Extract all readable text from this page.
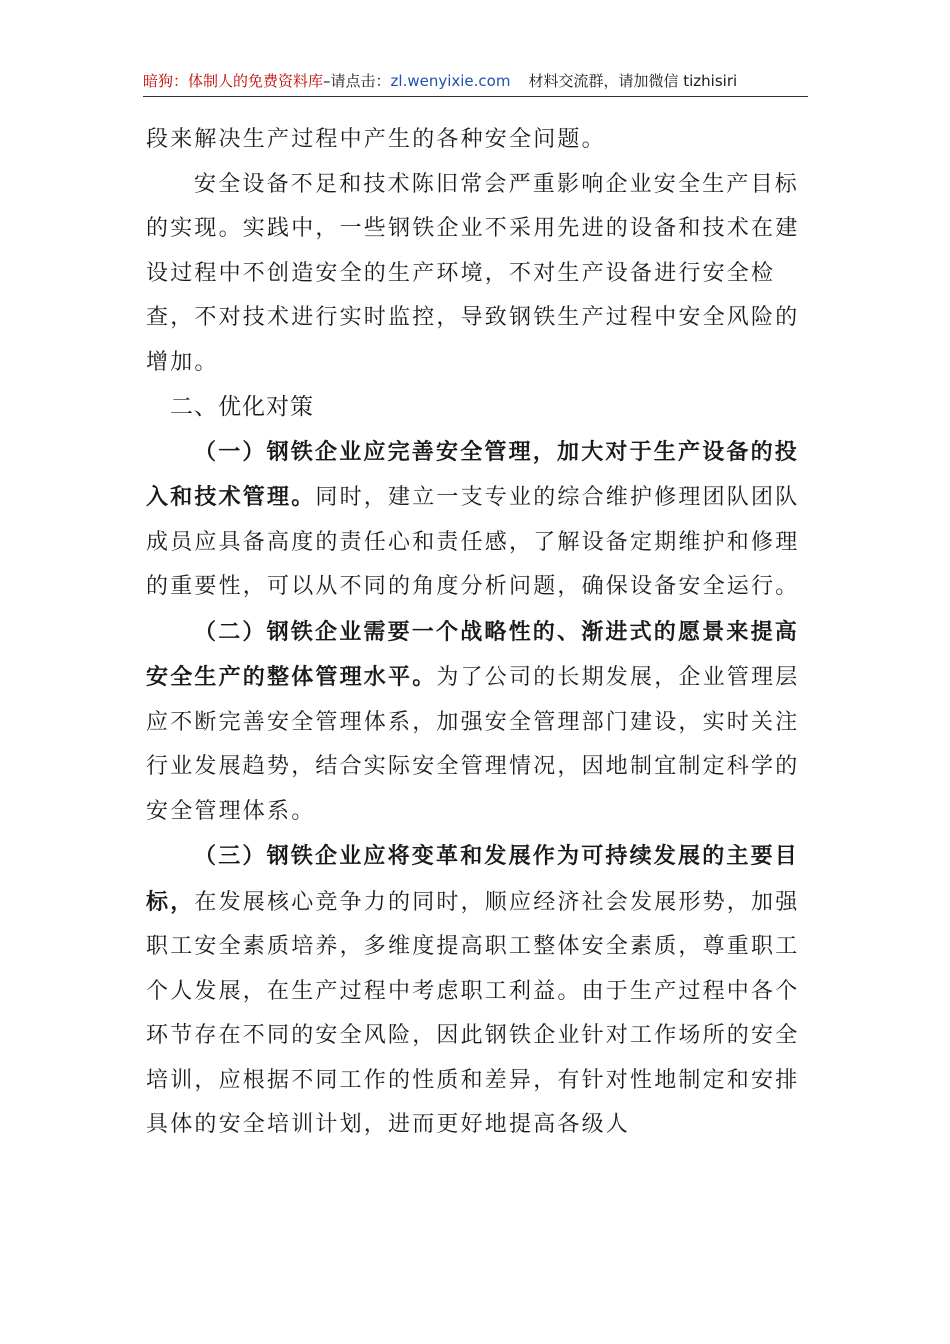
暗狗：体制人的免费资料库–请点击：zl.wenyixie.com 材料交流群，请加微信 tizhisiri

段来解决生产过程中产生的各种安全问题。

安全设备不足和技术陈旧常会严重影响企业安全生产目标的实现。实践中，一些钢铁企业不采用先进的设备和技术在建设过程中不创造安全的生产环境，不对生产设备进行安全检查，不对技术进行实时监控，导致钢铁生产过程中安全风险的增加。

二、优化对策

（一）钢铁企业应完善安全管理，加大对于生产设备的投入和技术管理。同时，建立一支专业的综合维护修理团队团队成员应具备高度的责任心和责任感，了解设备定期维护和修理的重要性，可以从不同的角度分析问题，确保设备安全运行。

（二）钢铁企业需要一个战略性的、渐进式的愿景来提高安全生产的整体管理水平。为了公司的长期发展，企业管理层应不断完善安全管理体系，加强安全管理部门建设，实时关注行业发展趋势，结合实际安全管理情况，因地制宜制定科学的安全管理体系。

（三）钢铁企业应将变革和发展作为可持续发展的主要目标，在发展核心竞争力的同时，顺应经济社会发展形势，加强职工安全素质培养，多维度提高职工整体安全素质，尊重职工个人发展，在生产过程中考虑职工利益。由于生产过程中各个环节存在不同的安全风险，因此钢铁企业针对工作场所的安全培训，应根据不同工作的性质和差异，有针对性地制定和安排具体的安全培训计划，进而更好地提高各级人
